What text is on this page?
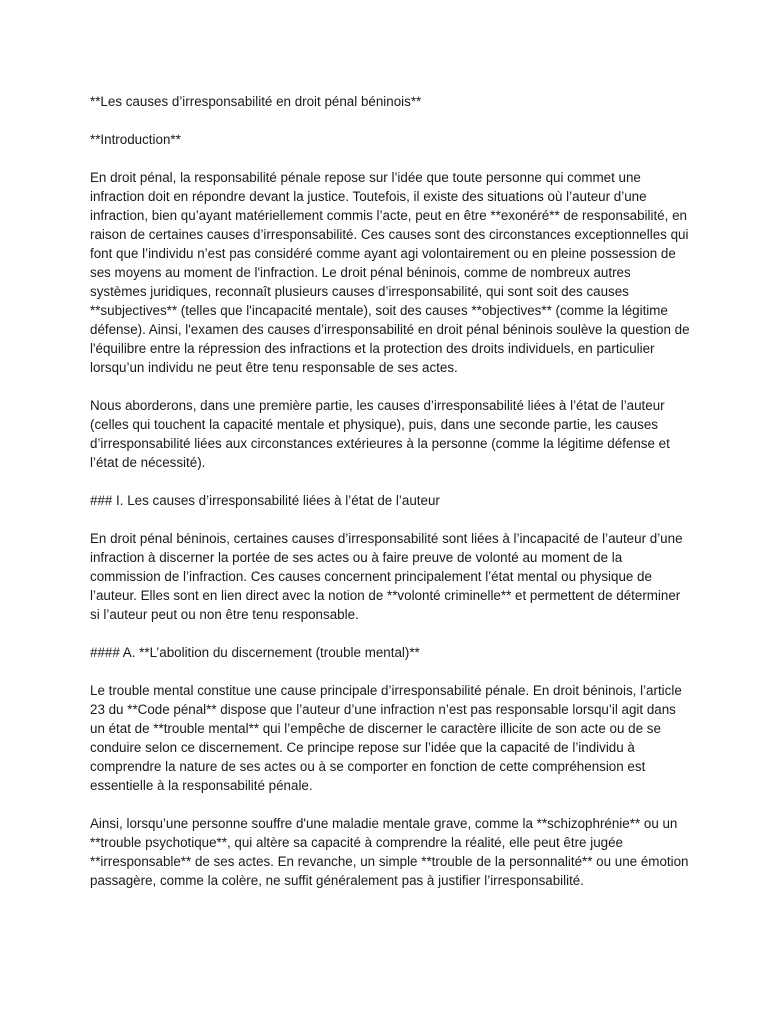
**Les causes d’irresponsabilité en droit pénal béninois**

**Introduction**

En droit pénal, la responsabilité pénale repose sur l’idée que toute personne qui commet une infraction doit en répondre devant la justice. Toutefois, il existe des situations où l’auteur d’une infraction, bien qu’ayant matériellement commis l’acte, peut en être **exonéré** de responsabilité, en raison de certaines causes d’irresponsabilité. Ces causes sont des circonstances exceptionnelles qui font que l’individu n’est pas considéré comme ayant agi volontairement ou en pleine possession de ses moyens au moment de l'infraction. Le droit pénal béninois, comme de nombreux autres systèmes juridiques, reconnaît plusieurs causes d’irresponsabilité, qui sont soit des causes **subjectives** (telles que l'incapacité mentale), soit des causes **objectives** (comme la légitime défense). Ainsi, l'examen des causes d’irresponsabilité en droit pénal béninois soulève la question de l'équilibre entre la répression des infractions et la protection des droits individuels, en particulier lorsqu’un individu ne peut être tenu responsable de ses actes.

Nous aborderons, dans une première partie, les causes d’irresponsabilité liées à l’état de l’auteur (celles qui touchent la capacité mentale et physique), puis, dans une seconde partie, les causes d’irresponsabilité liées aux circonstances extérieures à la personne (comme la légitime défense et l’état de nécessité).

### I. Les causes d’irresponsabilité liées à l’état de l’auteur

En droit pénal béninois, certaines causes d’irresponsabilité sont liées à l’incapacité de l’auteur d’une infraction à discerner la portée de ses actes ou à faire preuve de volonté au moment de la commission de l’infraction. Ces causes concernent principalement l’état mental ou physique de l’auteur. Elles sont en lien direct avec la notion de **volonté criminelle** et permettent de déterminer si l’auteur peut ou non être tenu responsable.

#### A. **L’abolition du discernement (trouble mental)**

Le trouble mental constitue une cause principale d’irresponsabilité pénale. En droit béninois, l’article 23 du **Code pénal** dispose que l’auteur d’une infraction n’est pas responsable lorsqu’il agit dans un état de **trouble mental** qui l’empêche de discerner le caractère illicite de son acte ou de se conduire selon ce discernement. Ce principe repose sur l’idée que la capacité de l’individu à comprendre la nature de ses actes ou à se comporter en fonction de cette compréhension est essentielle à la responsabilité pénale.

Ainsi, lorsqu’une personne souffre d'une maladie mentale grave, comme la **schizophrénie** ou un **trouble psychotique**, qui altère sa capacité à comprendre la réalité, elle peut être jugée **irresponsable** de ses actes. En revanche, un simple **trouble de la personnalité** ou une émotion passagère, comme la colère, ne suffit généralement pas à justifier l’irresponsabilité.
